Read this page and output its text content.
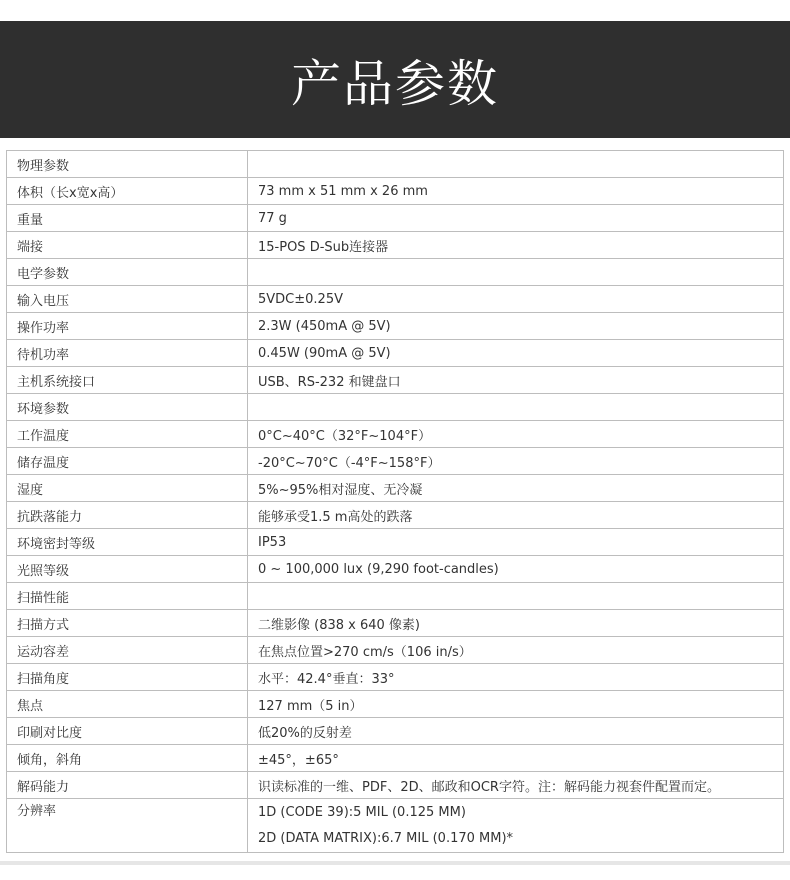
产品参数
物理参数	
体积（长x宽x高）	73 mm x 51 mm x 26 mm
重量	77 g
端接	15-POS D-Sub连接器
电学参数	
输入电压	5VDC±0.25V
操作功率	2.3W (450mA @ 5V)
待机功率	0.45W (90mA @ 5V)
主机系统接口	USB、RS-232 和键盘口
环境参数	
工作温度	0°C~40°C（32°F~104°F）
储存温度	-20°C~70°C（-4°F~158°F）
湿度	5%~95%相对湿度、无冷凝
抗跌落能力	能够承受1.5 m高处的跌落
环境密封等级	IP53
光照等级	0 ~ 100,000 lux (9,290 foot-candles)
扫描性能	
扫描方式	二维影像 (838 x 640 像素)
运动容差	在焦点位置>270 cm/s（106 in/s）
扫描角度	水平：42.4°垂直：33°
焦点	127 mm（5 in）
印刷对比度	低20%的反射差
倾角，斜角	±45°，±65°
解码能力	识读标准的一维、PDF、2D、邮政和OCR字符。注：解码能力视套件配置而定。

分辨率	1D (CODE 39):5 MIL (0.125 MM)
2D (DATA MATRIX):6.7 MIL (0.170 MM)*
